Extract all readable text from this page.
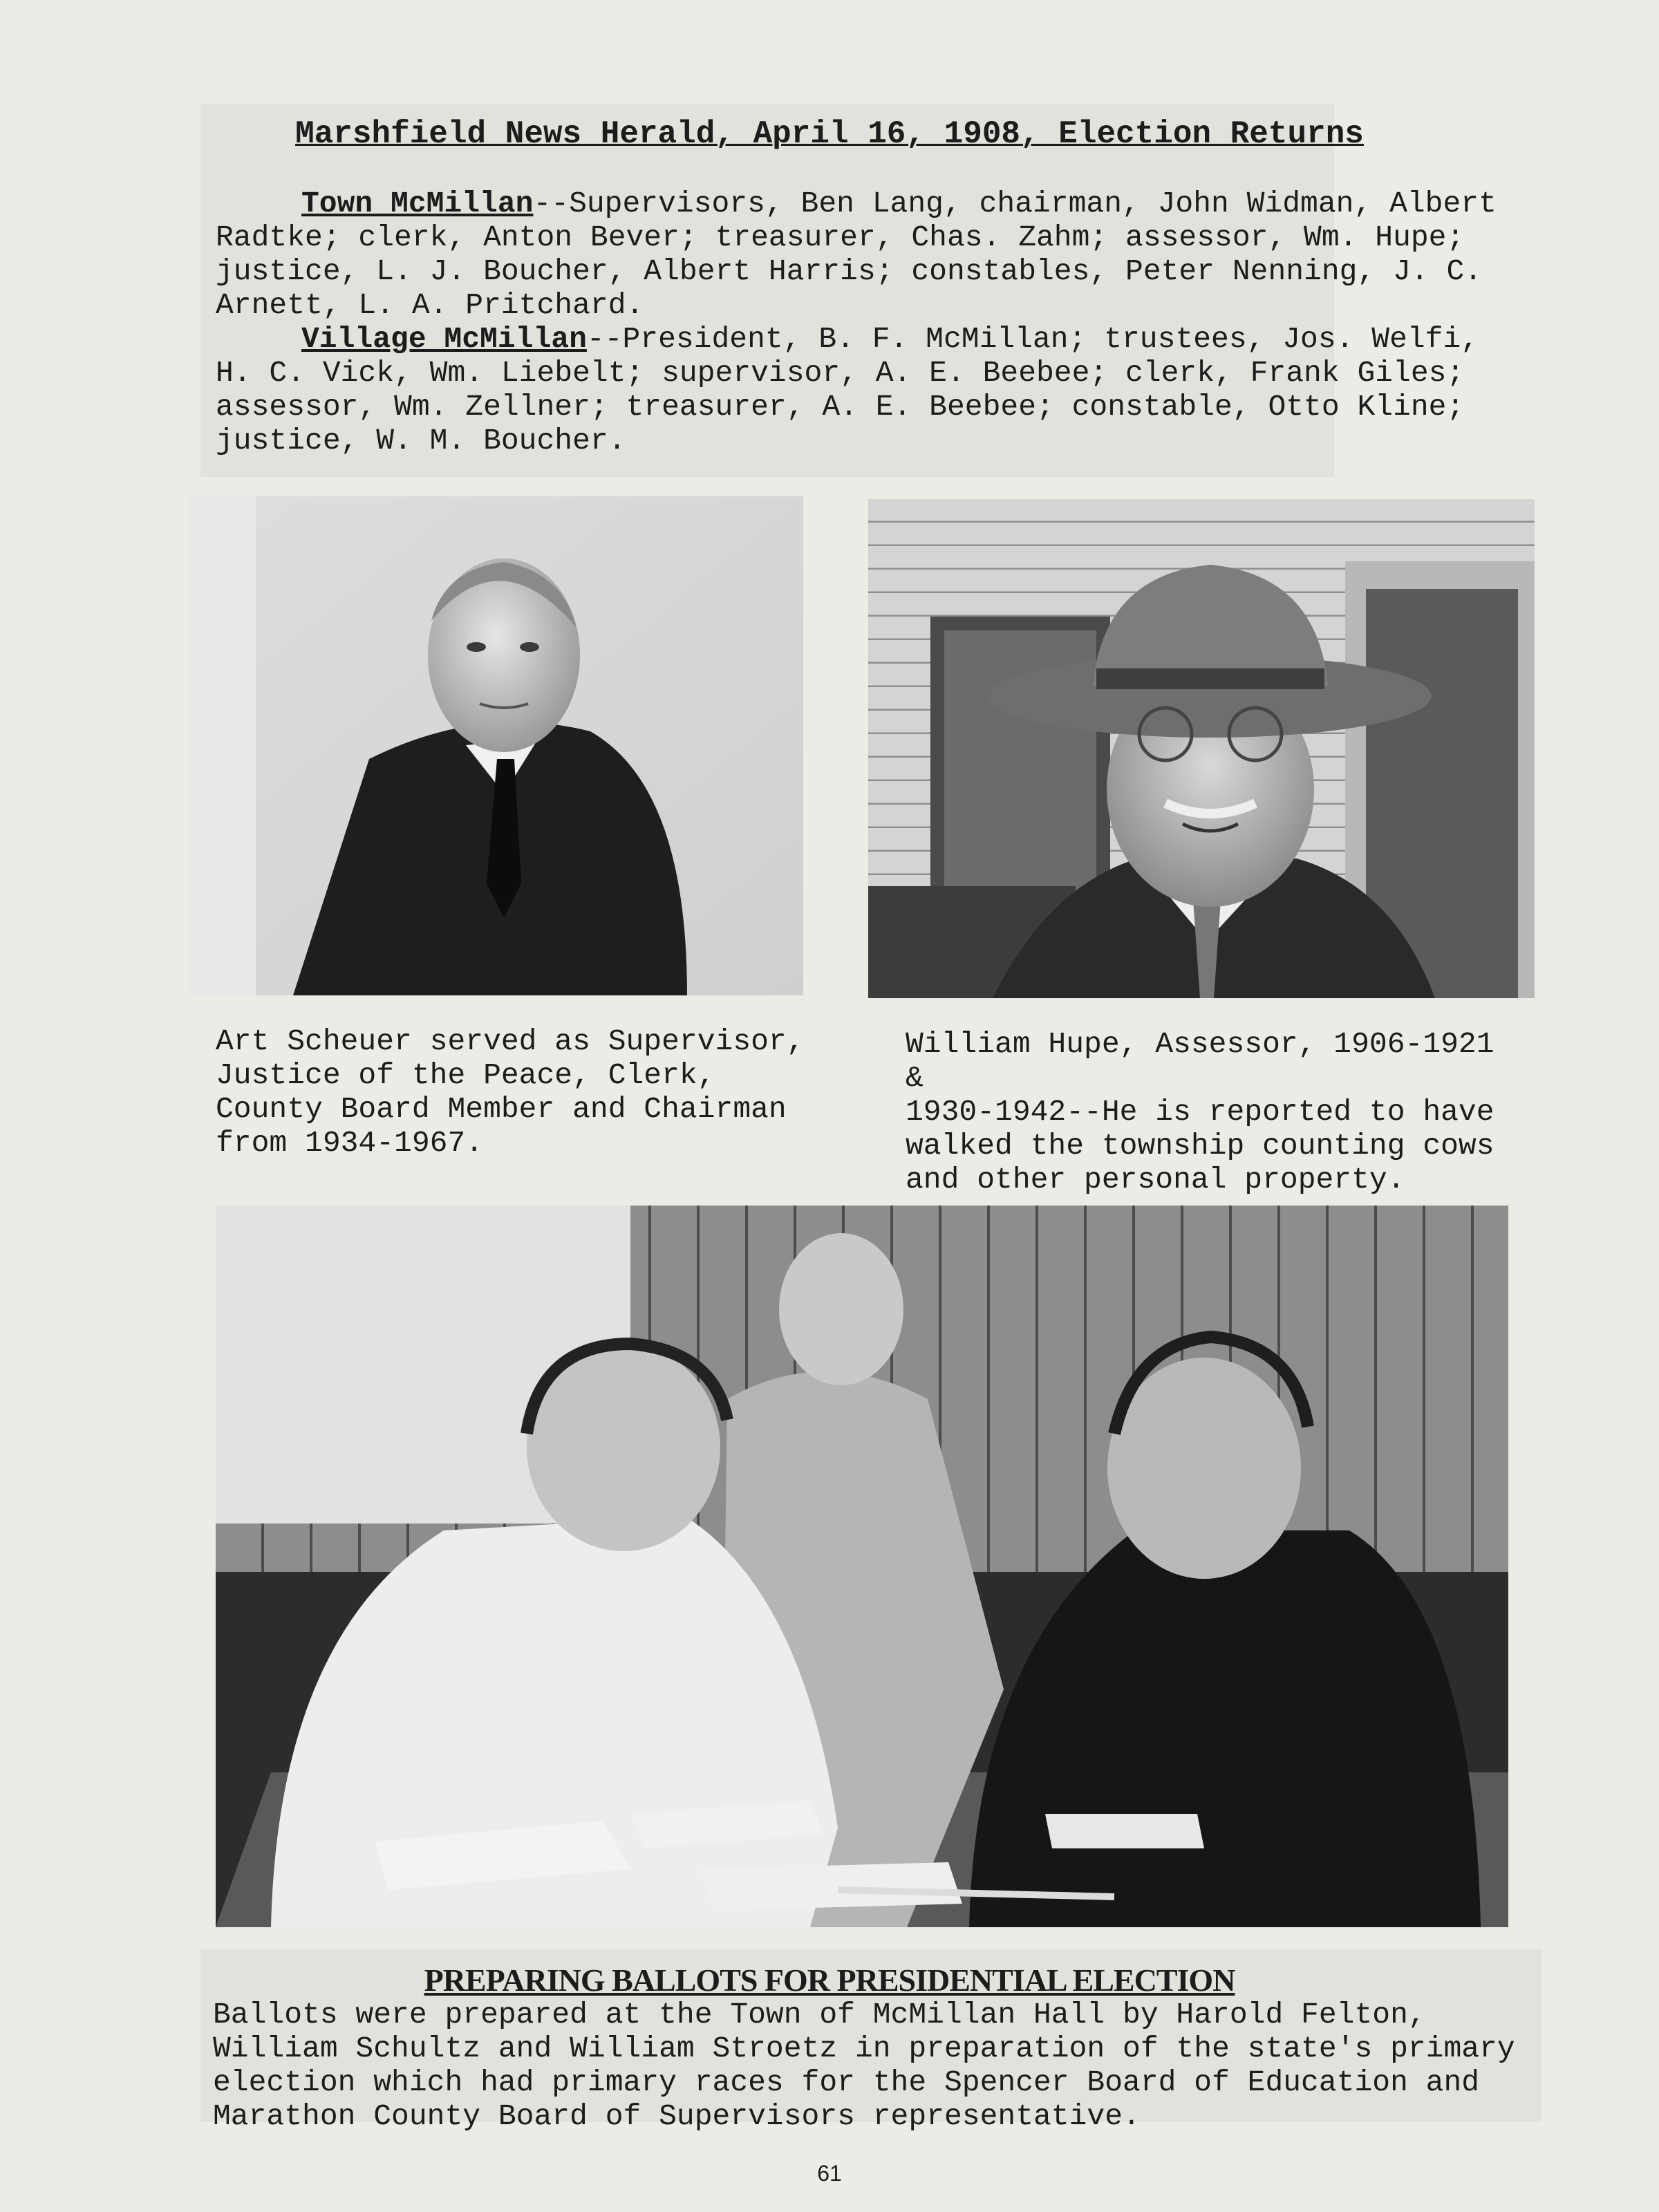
Marshfield News Herald, April 16, 1908, Election Returns
Town McMillan--Supervisors, Ben Lang, chairman, John Widman, Albert Radtke; clerk, Anton Bever; treasurer, Chas. Zahm; assessor, Wm. Hupe; justice, L. J. Boucher, Albert Harris; constables, Peter Nenning, J. C. Arnett, L. A. Pritchard.
Village McMillan--President, B. F. McMillan; trustees, Jos. Welfi, H. C. Vick, Wm. Liebelt; supervisor, A. E. Beebee; clerk, Frank Giles; assessor, Wm. Zellner; treasurer, A. E. Beebee; constable, Otto Kline; justice, W. M. Boucher.
Art Scheuer served as Supervisor,
Justice of the Peace, Clerk,
County Board Member and Chairman
from 1934-1967.
William Hupe, Assessor, 1906-1921 &
1930-1942--He is reported to have
walked the township counting cows
and other personal property.
PREPARING BALLOTS FOR PRESIDENTIAL ELECTION
Ballots were prepared at the Town of McMillan Hall by Harold Felton, William Schultz and William Stroetz in preparation of the state's primary election which had primary races for the Spencer Board of Education and Marathon County Board of Supervisors representative.
61
